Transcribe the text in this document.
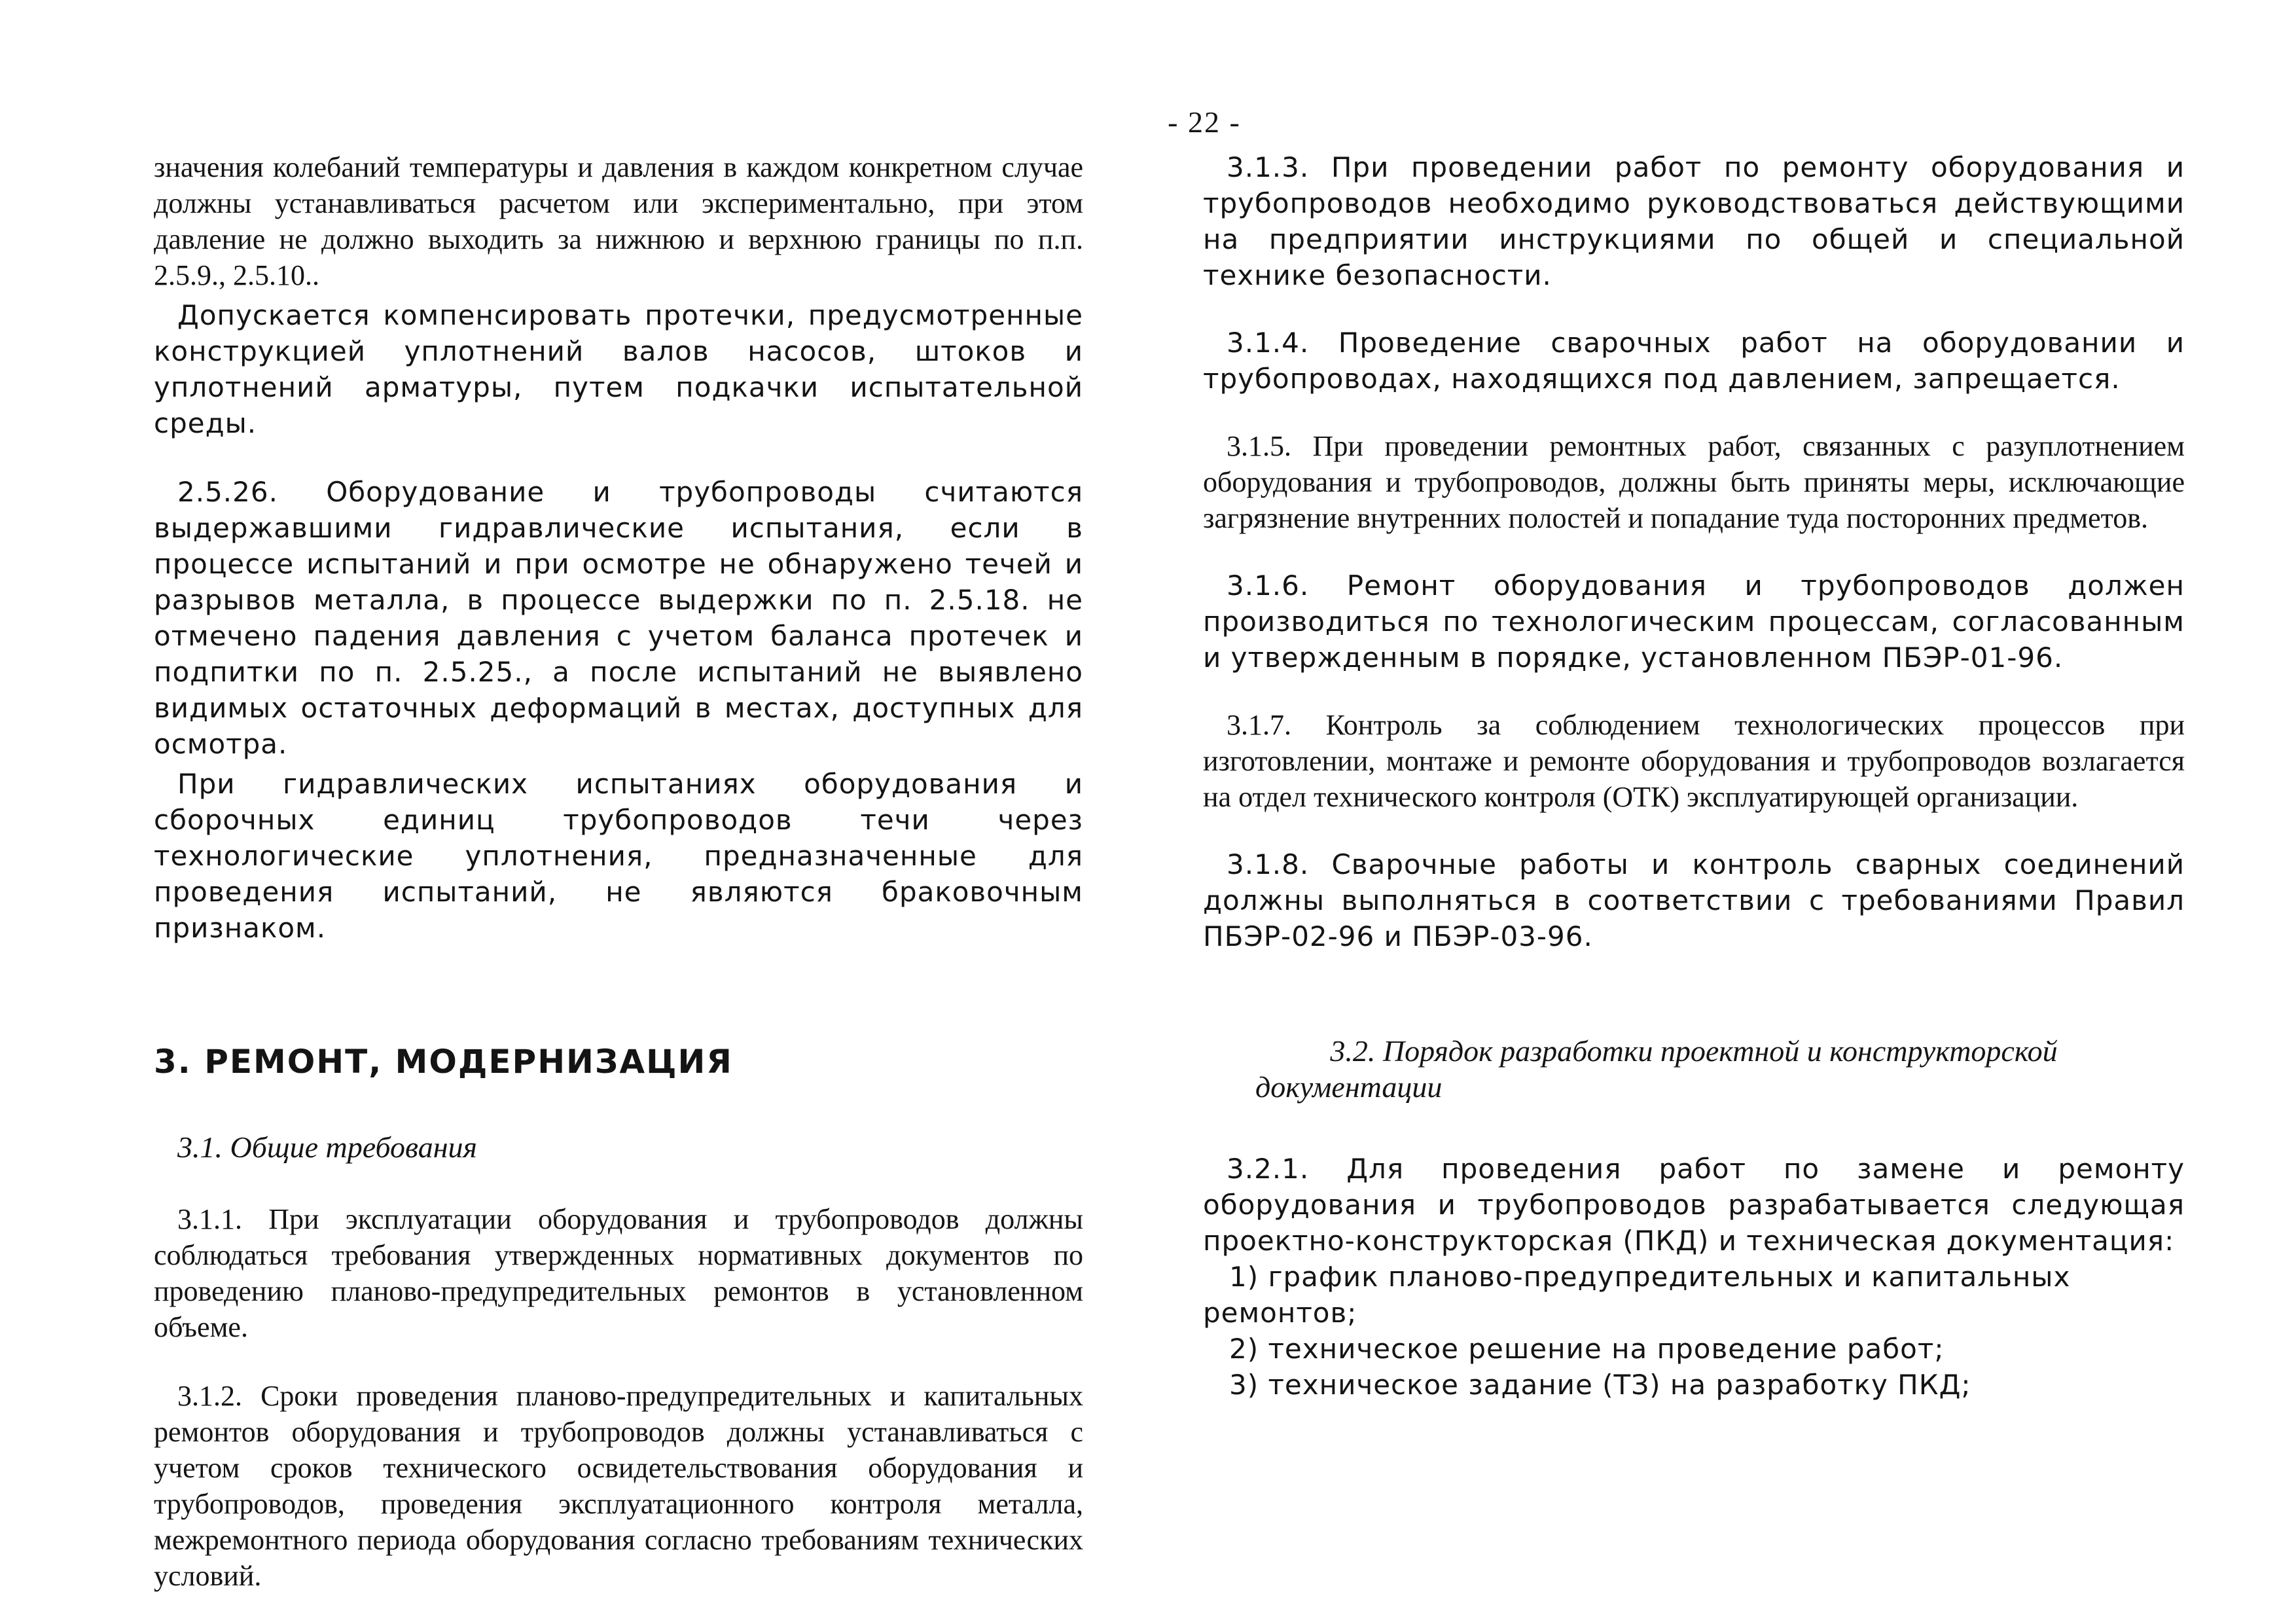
- 22 -

значения колебаний температуры и давления в каждом конкретном случае должны устанавливаться расчетом или экспериментально, при этом давление не должно выходить за нижнюю и верхнюю границы по п.п. 2.5.9., 2.5.10..

Допускается компенсировать протечки, предусмотренные конструкцией уплотнений валов насосов, штоков и уплотнений арматуры, путем подкачки испытательной среды.

2.5.26. Оборудование и трубопроводы считаются выдержавшими гидравлические испытания, если в процессе испытаний и при осмотре не обнаружено течей и разрывов металла, в процессе выдержки по п. 2.5.18. не отмечено падения давления с учетом баланса протечек и подпитки по п. 2.5.25., а после испытаний не выявлено видимых остаточных деформаций в местах, доступных для осмотра.

При гидравлических испытаниях оборудования и сборочных единиц трубопроводов течи через технологические уплотнения, предназначенные для проведения испытаний, не являются браковочным признаком.

3. РЕМОНТ, МОДЕРНИЗАЦИЯ

3.1. Общие требования

3.1.1. При эксплуатации оборудования и трубопроводов должны соблюдаться требования утвержденных нормативных документов по проведению планово-предупредительных ремонтов в установленном объеме.

3.1.2. Сроки проведения планово-предупредительных и капитальных ремонтов оборудования и трубопроводов должны устанавливаться с учетом сроков технического освидетельствования оборудования и трубопроводов, проведения эксплуатационного контроля металла, межремонтного периода оборудования согласно требованиям технических условий.

3.1.3. При проведении работ по ремонту оборудования и трубопроводов необходимо руководствоваться действующими на предприятии инструкциями по общей и специальной технике безопасности.

3.1.4. Проведение сварочных работ на оборудовании и трубопроводах, находящихся под давлением, запрещается.

3.1.5. При проведении ремонтных работ, связанных с разуплотнением оборудования и трубопроводов, должны быть приняты меры, исключающие загрязнение внутренних полостей и попадание туда посторонних предметов.

3.1.6. Ремонт оборудования и трубопроводов должен производиться по технологическим процессам, согласованным и утвержденным в порядке, установленном ПБЭР-01-96.

3.1.7. Контроль за соблюдением технологических процессов при изготовлении, монтаже и ремонте оборудования и трубопроводов возлагается на отдел технического контроля (ОТК) эксплуатирующей организации.

3.1.8. Сварочные работы и контроль сварных соединений должны выполняться в соответствии с требованиями Правил ПБЭР-02-96 и ПБЭР-03-96.

3.2. Порядок разработки проектной и конструкторской документации

3.2.1. Для проведения работ по замене и ремонту оборудования и трубопроводов разрабатывается следующая проектно-конструкторская (ПКД) и техническая документация:

1) график планово-предупредительных и капитальных

ремонтов;

2) техническое решение на проведение работ;

3) техническое задание (ТЗ) на разработку ПКД;
